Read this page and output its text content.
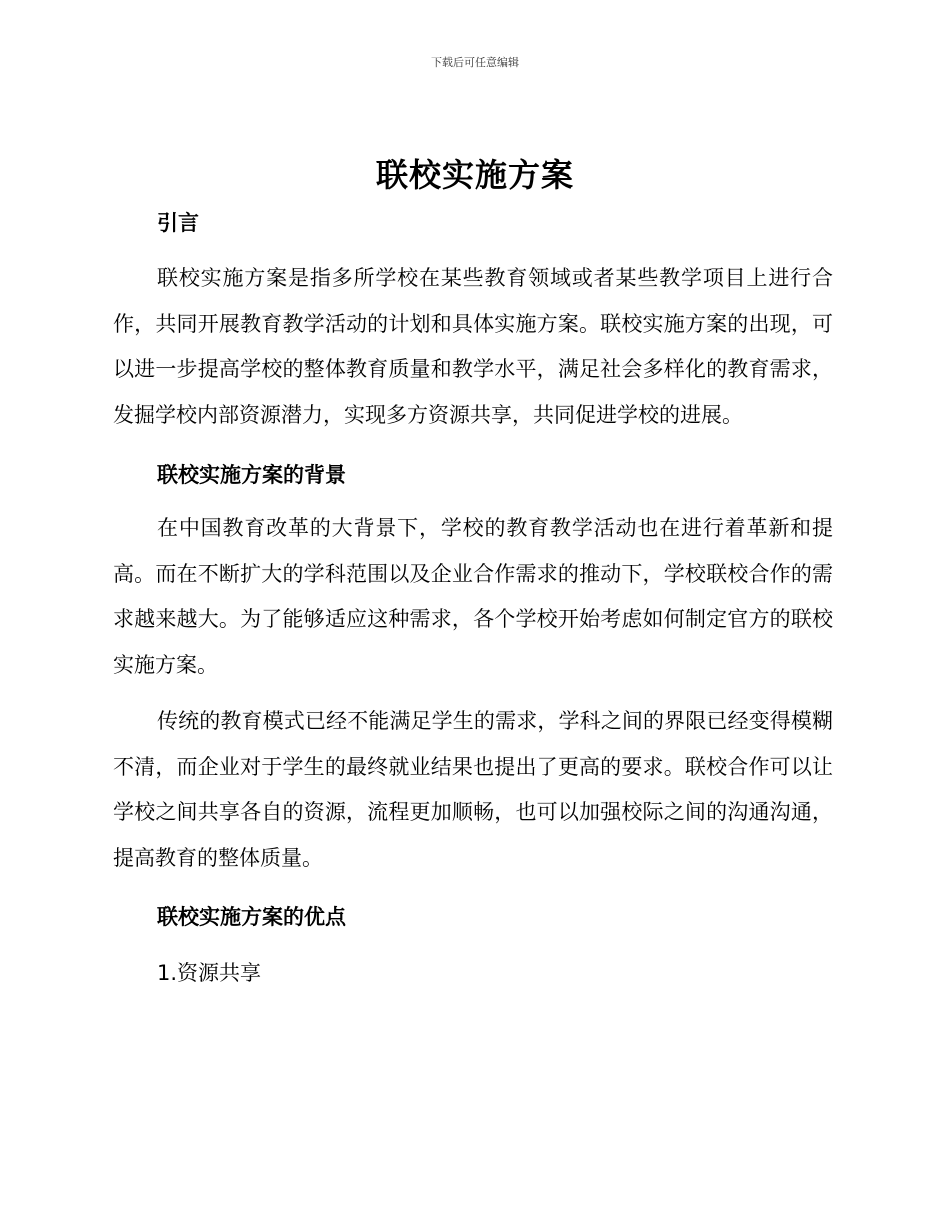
下载后可任意编辑
联校实施方案
引言

联校实施方案是指多所学校在某些教育领域或者某些教学项目上进行合作，共同开展教育教学活动的计划和具体实施方案。联校实施方案的出现，可以进一步提高学校的整体教育质量和教学水平，满足社会多样化的教育需求，发掘学校内部资源潜力，实现多方资源共享，共同促进学校的进展。

联校实施方案的背景

在中国教育改革的大背景下，学校的教育教学活动也在进行着革新和提高。而在不断扩大的学科范围以及企业合作需求的推动下，学校联校合作的需求越来越大。为了能够适应这种需求，各个学校开始考虑如何制定官方的联校实施方案。

传统的教育模式已经不能满足学生的需求，学科之间的界限已经变得模糊不清，而企业对于学生的最终就业结果也提出了更高的要求。联校合作可以让学校之间共享各自的资源，流程更加顺畅，也可以加强校际之间的沟通沟通，提高教育的整体质量。

联校实施方案的优点
1.资源共享
